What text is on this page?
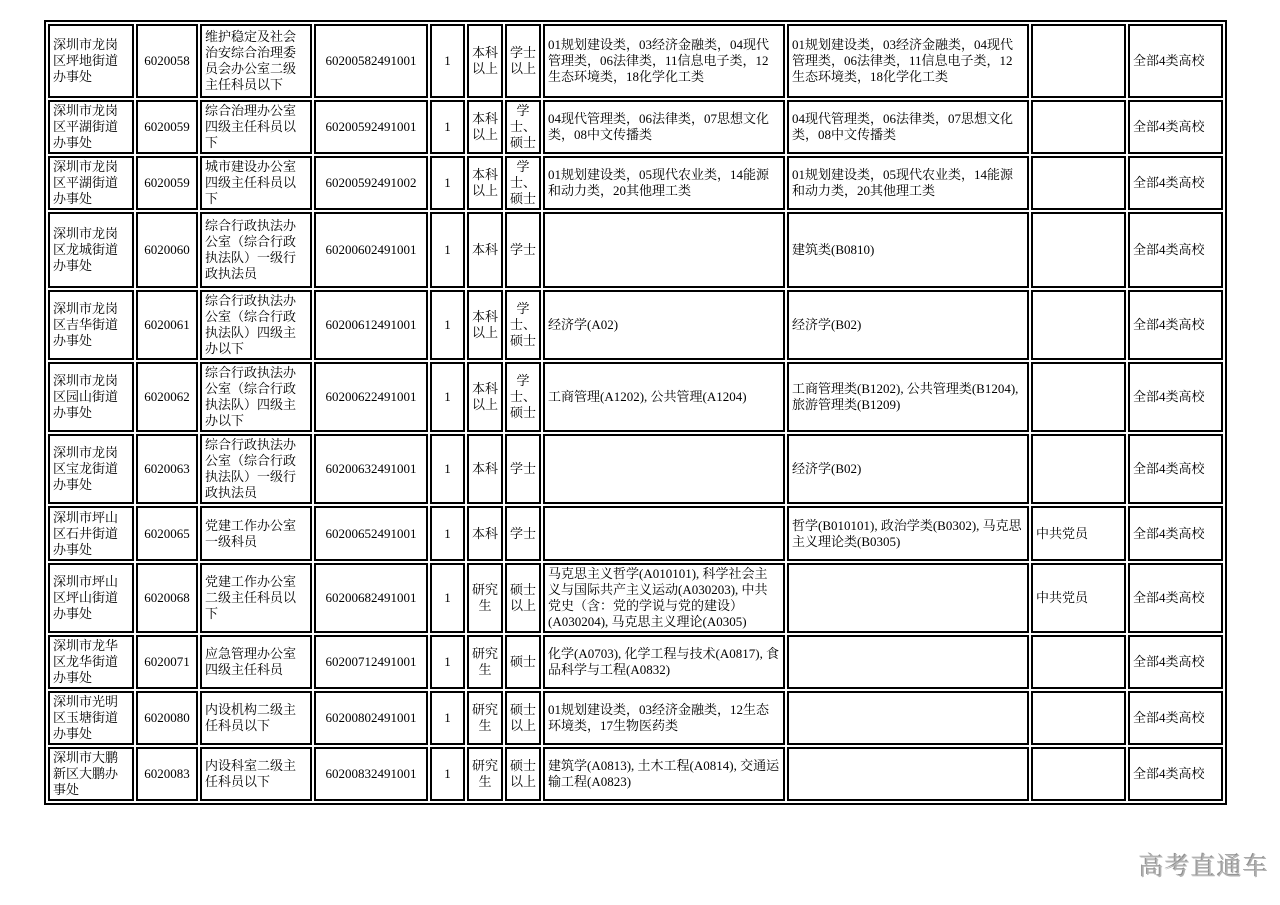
深圳市龙岗区坪地街道办事处	6020058	维护稳定及社会治安综合治理委员会办公室二级主任科员以下	60200582491001	1	本科以上	学士以上	01规划建设类，03经济金融类，04现代管理类，06法律类，11信息电子类，12生态环境类，18化学化工类	01规划建设类，03经济金融类，04现代管理类，06法律类，11信息电子类，12生态环境类，18化学化工类		全部4类高校
深圳市龙岗区平湖街道办事处	6020059	综合治理办公室四级主任科员以下	60200592491001	1	本科以上	学士、硕士	04现代管理类，06法律类，07思想文化类，08中文传播类	04现代管理类，06法律类，07思想文化类，08中文传播类		全部4类高校
深圳市龙岗区平湖街道办事处	6020059	城市建设办公室四级主任科员以下	60200592491002	1	本科以上	学士、硕士	01规划建设类，05现代农业类，14能源和动力类，20其他理工类	01规划建设类，05现代农业类，14能源和动力类，20其他理工类		全部4类高校
深圳市龙岗区龙城街道办事处	6020060	综合行政执法办公室（综合行政执法队）一级行政执法员	60200602491001	1	本科	学士		建筑类(B0810)		全部4类高校
深圳市龙岗区吉华街道办事处	6020061	综合行政执法办公室（综合行政执法队）四级主办以下	60200612491001	1	本科以上	学士、硕士	经济学(A02)	经济学(B02)		全部4类高校
深圳市龙岗区园山街道办事处	6020062	综合行政执法办公室（综合行政执法队）四级主办以下	60200622491001	1	本科以上	学士、硕士	工商管理(A1202), 公共管理(A1204)	工商管理类(B1202), 公共管理类(B1204), 旅游管理类(B1209)		全部4类高校
深圳市龙岗区宝龙街道办事处	6020063	综合行政执法办公室（综合行政执法队）一级行政执法员	60200632491001	1	本科	学士		经济学(B02)		全部4类高校
深圳市坪山区石井街道办事处	6020065	党建工作办公室一级科员	60200652491001	1	本科	学士		哲学(B010101), 政治学类(B0302), 马克思主义理论类(B0305)	中共党员	全部4类高校
深圳市坪山区坪山街道办事处	6020068	党建工作办公室二级主任科员以下	60200682491001	1	研究生	硕士以上	马克思主义哲学(A010101), 科学社会主义与国际共产主义运动(A030203), 中共党史（含：党的学说与党的建设）(A030204), 马克思主义理论(A0305)		中共党员	全部4类高校
深圳市龙华区龙华街道办事处	6020071	应急管理办公室四级主任科员	60200712491001	1	研究生	硕士	化学(A0703), 化学工程与技术(A0817), 食品科学与工程(A0832)			全部4类高校
深圳市光明区玉塘街道办事处	6020080	内设机构二级主任科员以下	60200802491001	1	研究生	硕士以上	01规划建设类，03经济金融类，12生态环境类，17生物医药类			全部4类高校
深圳市大鹏新区大鹏办事处	6020083	内设科室二级主任科员以下	60200832491001	1	研究生	硕士以上	建筑学(A0813), 土木工程(A0814), 交通运输工程(A0823)			全部4类高校
高考直通车
